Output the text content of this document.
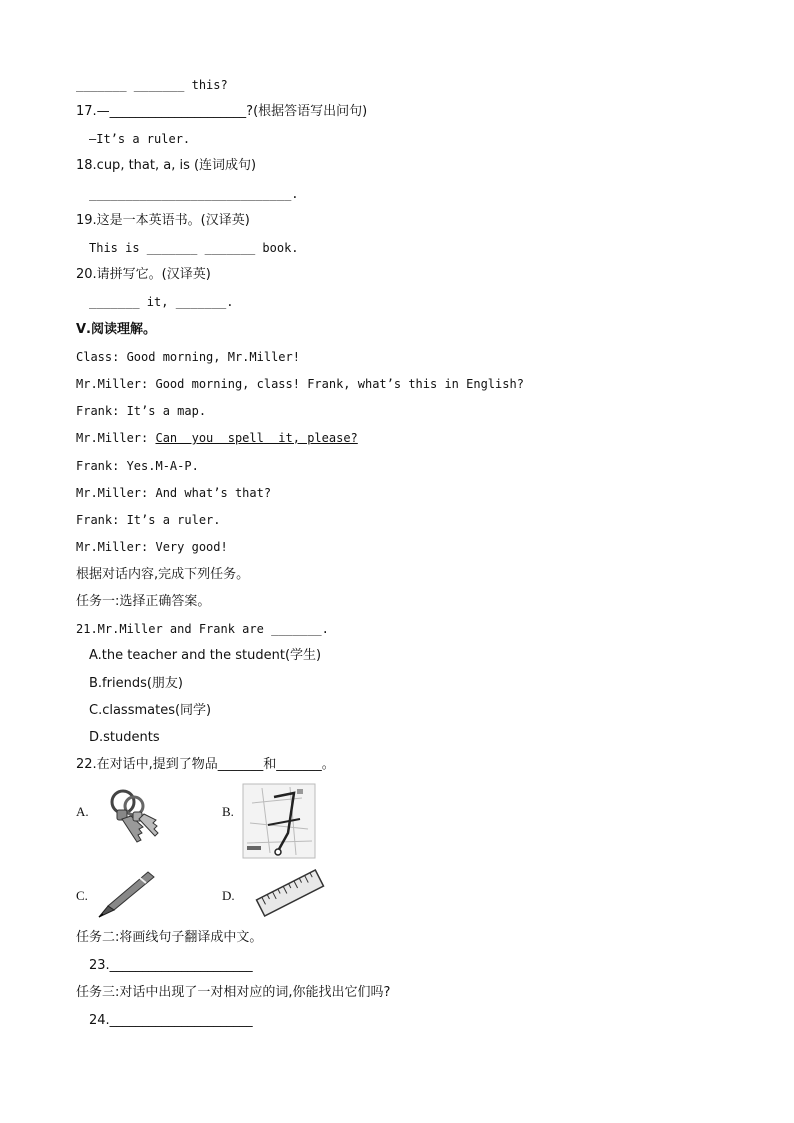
_______ _______ this?
17.—_____________________?(根据答语写出问句)
—It’s a ruler.
18.cup, that, a, is (连词成句)
____________________________.
19.这是一本英语书。(汉译英)
This is _______ _______ book.
20.请拼写它。(汉译英)
_______ it, _______.
Ⅴ.阅读理解。
Class: Good morning, Mr.Miller!
Mr.Miller: Good morning, class! Frank, what’s this in English?
Frank: It’s a map.
Mr.Miller: Can  you  spell  it, please?
Frank: Yes.M-A-P.
Mr.Miller: And what’s that?
Frank: It’s a ruler.
Mr.Miller: Very good!
根据对话内容,完成下列任务。
任务一:选择正确答案。
21.Mr.Miller and Frank are _______.
A.the teacher and the student(学生)
B.friends(朋友)
C.classmates(同学)
D.students
22.在对话中,提到了物品_______和_______。
A.	B.
C.	D.
任务二:将画线句子翻译成中文。
23.______________________
任务三:对话中出现了一对相对应的词,你能找出它们吗?
24.______________________
